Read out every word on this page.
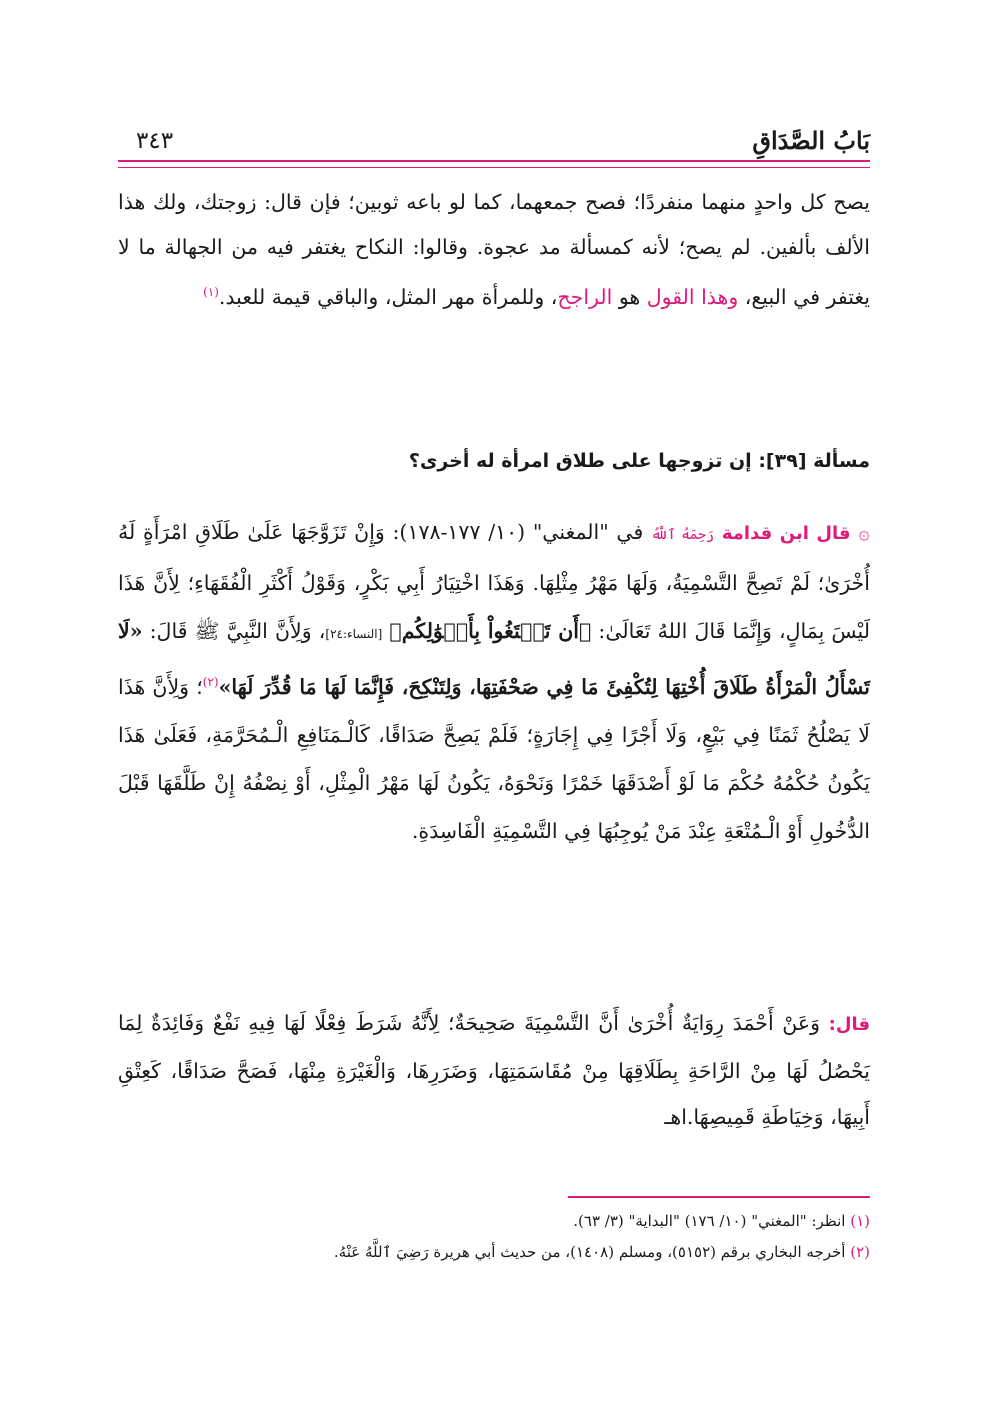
بَابُ الصَّدَاقِ
٣٤٣
يصح كل واحدٍ منهما منفردًا؛ فصح جمعهما، كما لو باعه ثوبين؛ فإن قال: زوجتك، ولك هذا الألف بألفين. لم يصح؛ لأنه كمسألة مد عجوة. وقالوا: النكاح يغتفر فيه من الجهالة ما لا يغتفر في البيع، وهذا القول هو الراجح، وللمرأة مهر المثل، والباقي قيمة للعبد.$^{(١)}$
مسألة [٣٩]: إن تزوجها على طلاق امرأة له أخرى؟
۞ قال ابن قدامة رَحِمَهُ ٱللَّهُ في "المغني" (١٠/ ١٧٧-١٧٨): وَإِنْ تَزَوَّجَهَا عَلَىٰ طَلَاقِ امْرَأَةٍ لَهُ أُخْرَىٰ؛ لَمْ تَصِحَّ التَّسْمِيَةُ، وَلَهَا مَهْرُ مِثْلِهَا. وَهَذَا اخْتِيَارُ أَبِي بَكْرٍ، وَقَوْلُ أَكْثَرِ الْفُقَهَاءِ؛ لِأَنَّ هَذَا لَيْسَ بِمَالٍ، وَإِنَّمَا قَالَ اللهُ تَعَالَىٰ: ﴿أَن تَبۡتَغُواْ بِأَمۡوَٰلِكُم﴾ [النساء:٢٤]، وَلِأَنَّ النَّبِيَّ ﷺ قَالَ: «لَا تَسْأَلُ الْمَرْأَةُ طَلَاقَ أُخْتِهَا لِتُكْفِئَ مَا فِي صَحْفَتِهَا، وَلِتَنْكِحَ، فَإِنَّمَا لَهَا مَا قُدِّرَ لَهَا»$^{(٢)}$؛ وَلِأَنَّ هَذَا لَا يَصْلُحُ ثَمَنًا فِي بَيْعٍ، وَلَا أَجْرًا فِي إِجَارَةٍ؛ فَلَمْ يَصِحَّ صَدَاقًا، كَالْـمَنَافِعِ الْـمُحَرَّمَةِ، فَعَلَىٰ هَذَا يَكُونُ حُكْمُهُ حُكْمَ مَا لَوْ أَصْدَقَهَا خَمْرًا وَنَحْوَهُ، يَكُونُ لَهَا مَهْرُ الْمِثْلِ، أَوْ نِصْفُهُ إِنْ طَلَّقَهَا قَبْلَ الدُّخُولِ أَوْ الْـمُتْعَةِ عِنْدَ مَنْ يُوجِبُهَا فِي التَّسْمِيَةِ الْفَاسِدَةِ.
قال: وَعَنْ أَحْمَدَ رِوَايَةٌ أُخْرَىٰ أَنَّ التَّسْمِيَةَ صَحِيحَةٌ؛ لِأَنَّهُ شَرَطَ فِعْلًا لَهَا فِيهِ نَفْعٌ وَفَائِدَةٌ لِمَا يَحْصُلُ لَهَا مِنْ الرَّاحَةِ بِطَلَاقِهَا مِنْ مُقَاسَمَتِهَا، وَضَرَرِهَا، وَالْغَيْرَةِ مِنْهَا، فَصَحَّ صَدَاقًا، كَعِتْقِ أَبِيهَا، وَخِيَاطَةِ قَمِيصِهَا.اهـ
(١) انظر: "المغني" (١٠/ ١٧٦) "البداية" (٣/ ٦٣).
(٢) أخرجه البخاري برقم (٥١٥٢)، ومسلم (١٤٠٨)، من حديث أبي هريرة رَضِيَ ٱللَّهُ عَنْهُ.
